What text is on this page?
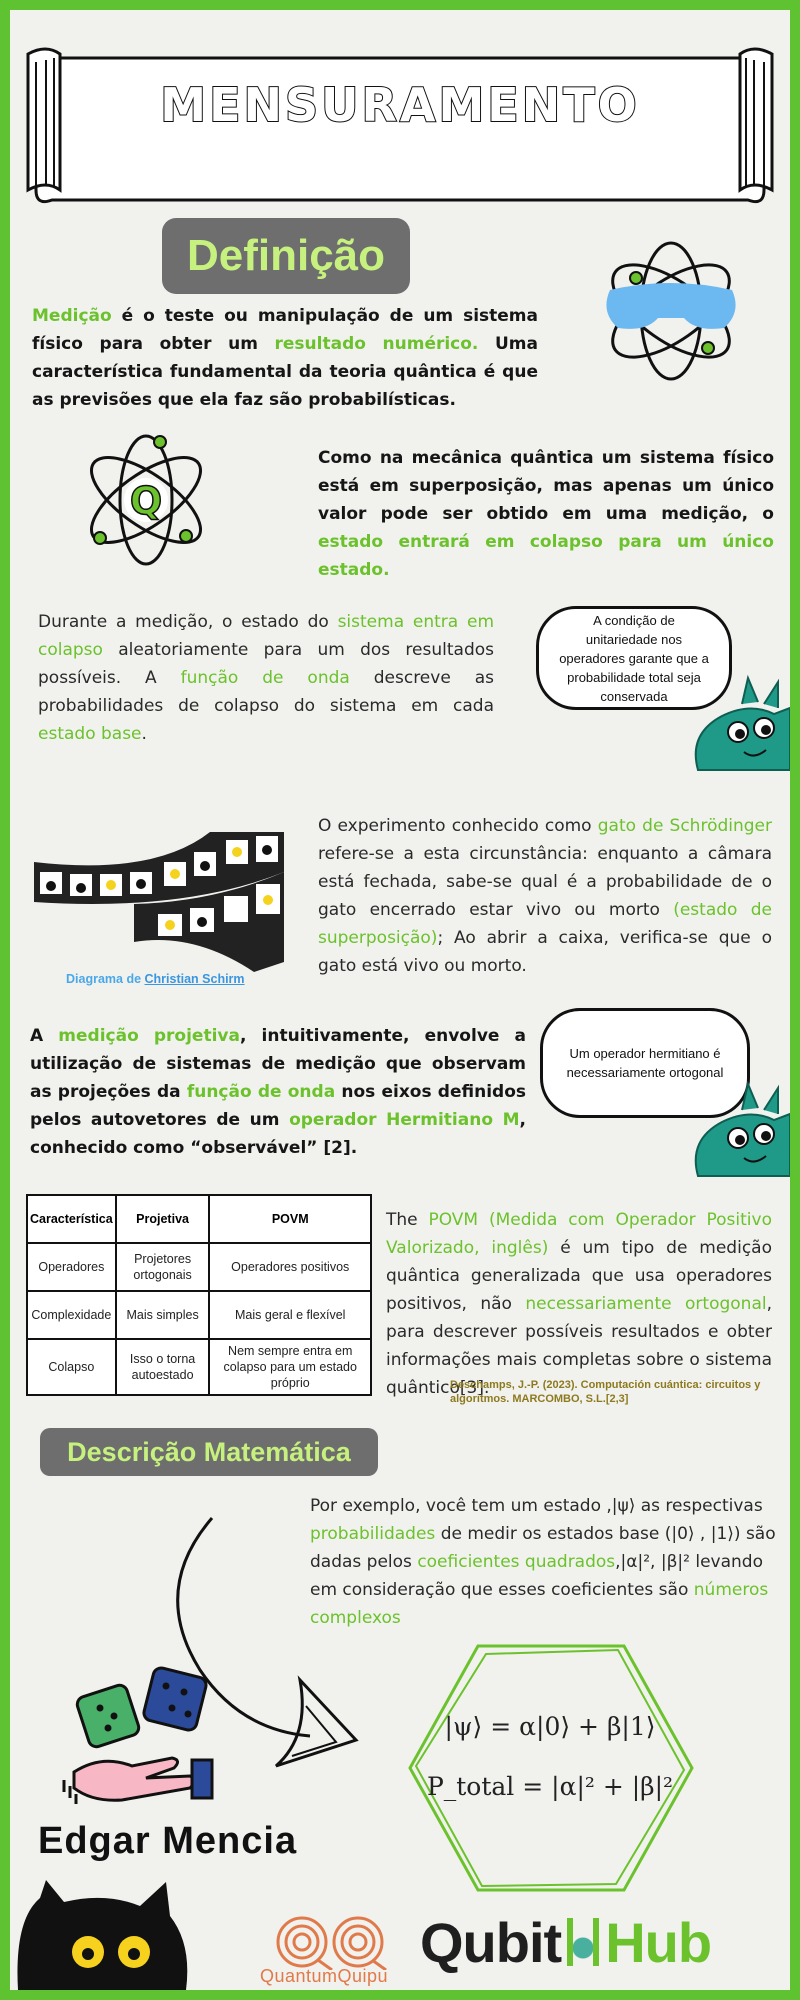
MENSURAMENTO
Definição
Medição é o teste ou manipulação de um sistema físico para obter um resultado numérico. Uma característica fundamental da teoria quântica é que as previsões que ela faz são probabilísticas.
Q
Como na mecânica quântica um sistema físico está em superposição, mas apenas um único valor pode ser obtido em uma medição, o estado entrará em colapso para um único estado.
Durante a medição, o estado do sistema entra em colapso aleatoriamente para um dos resultados possíveis. A função de onda descreve as probabilidades de colapso do sistema em cada estado base.
A condição de unitariedade nos operadores garante que a probabilidade total seja conservada
Diagrama de Christian Schirm
O experimento conhecido como gato de Schrödinger refere-se a esta circunstância: enquanto a câmara está fechada, sabe-se qual é a probabilidade de o gato encerrado estar vivo ou morto (estado de superposição); Ao abrir a caixa, verifica-se que o gato está vivo ou morto.
A medição projetiva, intuitivamente, envolve a utilização de sistemas de medição que observam as projeções da função de onda nos eixos definidos pelos autovetores de um operador Hermitiano M, conhecido como “observável” [2].
Um operador hermitiano é necessariamente ortogonal
Característica	Projetiva	POVM
Operadores	Projetores ortogonais	Operadores positivos
Complexidade	Mais simples	Mais geral e flexível
Colapso	Isso o torna autoestado	Nem sempre entra em colapso para um estado próprio
The POVM (Medida com Operador Positivo Valorizado, inglês) é um tipo de medição quântica generalizada que usa operadores positivos, não necessariamente ortogonal, para descrever possíveis resultados e obter informações mais completas sobre o sistema quântico[3].
Deschamps, J.-P. (2023). Computación cuántica: circuitos y algoritmos. MARCOMBO, S.L.[2,3]
Descrição Matemática
Por exemplo, você tem um estado ,|ψ⟩ as respectivas probabilidades de medir os estados base (|0⟩ , |1⟩) são dadas pelos coeficientes quadrados,|α|², |β|² levando em consideração que esses coeficientes são números complexos
|ψ⟩ = α|0⟩ + β|1⟩
P_total = |α|² + |β|²
Edgar Mencia
QuantumQuipu
Qubit Hub
